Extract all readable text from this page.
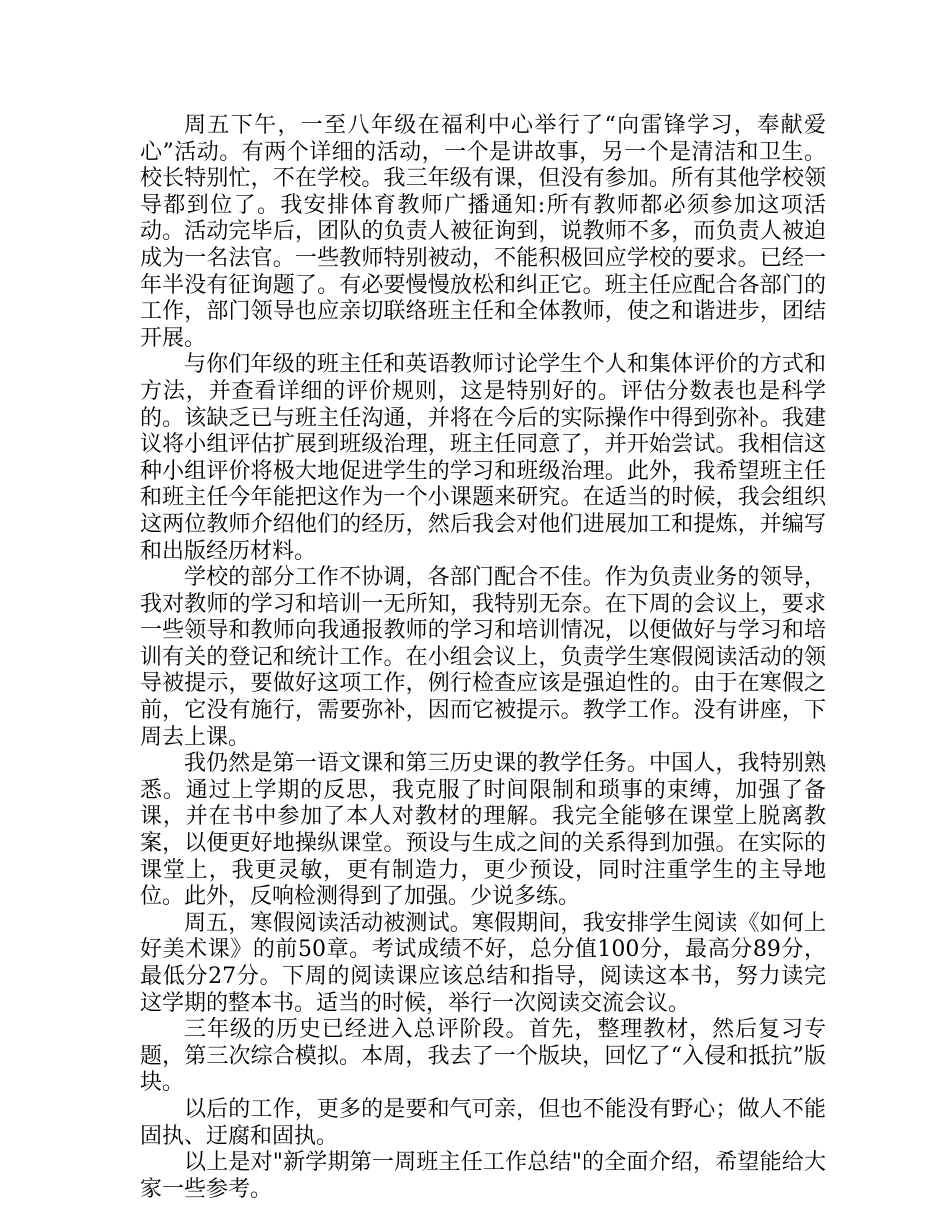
周五下午，一至八年级在福利中心举行了“向雷锋学习，奉献爱心”活动。有两个详细的活动，一个是讲故事，另一个是清洁和卫生。校长特别忙，不在学校。我三年级有课，但没有参加。所有其他学校领导都到位了。我安排体育教师广播通知:所有教师都必须参加这项活动。活动完毕后，团队的负责人被征询到，说教师不多，而负责人被迫成为一名法官。一些教师特别被动，不能积极回应学校的要求。已经一年半没有征询题了。有必要慢慢放松和纠正它。班主任应配合各部门的工作，部门领导也应亲切联络班主任和全体教师，使之和谐进步，团结开展。

与你们年级的班主任和英语教师讨论学生个人和集体评价的方式和方法，并查看详细的评价规则，这是特别好的。评估分数表也是科学的。该缺乏已与班主任沟通，并将在今后的实际操作中得到弥补。我建议将小组评估扩展到班级治理，班主任同意了，并开始尝试。我相信这种小组评价将极大地促进学生的学习和班级治理。此外，我希望班主任和班主任今年能把这作为一个小课题来研究。在适当的时候，我会组织这两位教师介绍他们的经历，然后我会对他们进展加工和提炼，并编写和出版经历材料。

学校的部分工作不协调，各部门配合不佳。作为负责业务的领导，我对教师的学习和培训一无所知，我特别无奈。在下周的会议上，要求一些领导和教师向我通报教师的学习和培训情况，以便做好与学习和培训有关的登记和统计工作。在小组会议上，负责学生寒假阅读活动的领导被提示，要做好这项工作，例行检查应该是强迫性的。由于在寒假之前，它没有施行，需要弥补，因而它被提示。教学工作。没有讲座，下周去上课。

我仍然是第一语文课和第三历史课的教学任务。中国人，我特别熟悉。通过上学期的反思，我克服了时间限制和琐事的束缚，加强了备课，并在书中参加了本人对教材的理解。我完全能够在课堂上脱离教案，以便更好地操纵课堂。预设与生成之间的关系得到加强。在实际的课堂上，我更灵敏，更有制造力，更少预设，同时注重学生的主导地位。此外，反响检测得到了加强。少说多练。

周五，寒假阅读活动被测试。寒假期间，我安排学生阅读《如何上好美术课》的前50章。考试成绩不好，总分值100分，最高分89分，最低分27分。下周的阅读课应该总结和指导，阅读这本书，努力读完这学期的整本书。适当的时候，举行一次阅读交流会议。

三年级的历史已经进入总评阶段。首先，整理教材，然后复习专题，第三次综合模拟。本周，我去了一个版块，回忆了“入侵和抵抗”版块。

以后的工作，更多的是要和气可亲，但也不能没有野心；做人不能固执、迂腐和固执。

以上是对"新学期第一周班主任工作总结"的全面介绍，希望能给大家一些参考。
